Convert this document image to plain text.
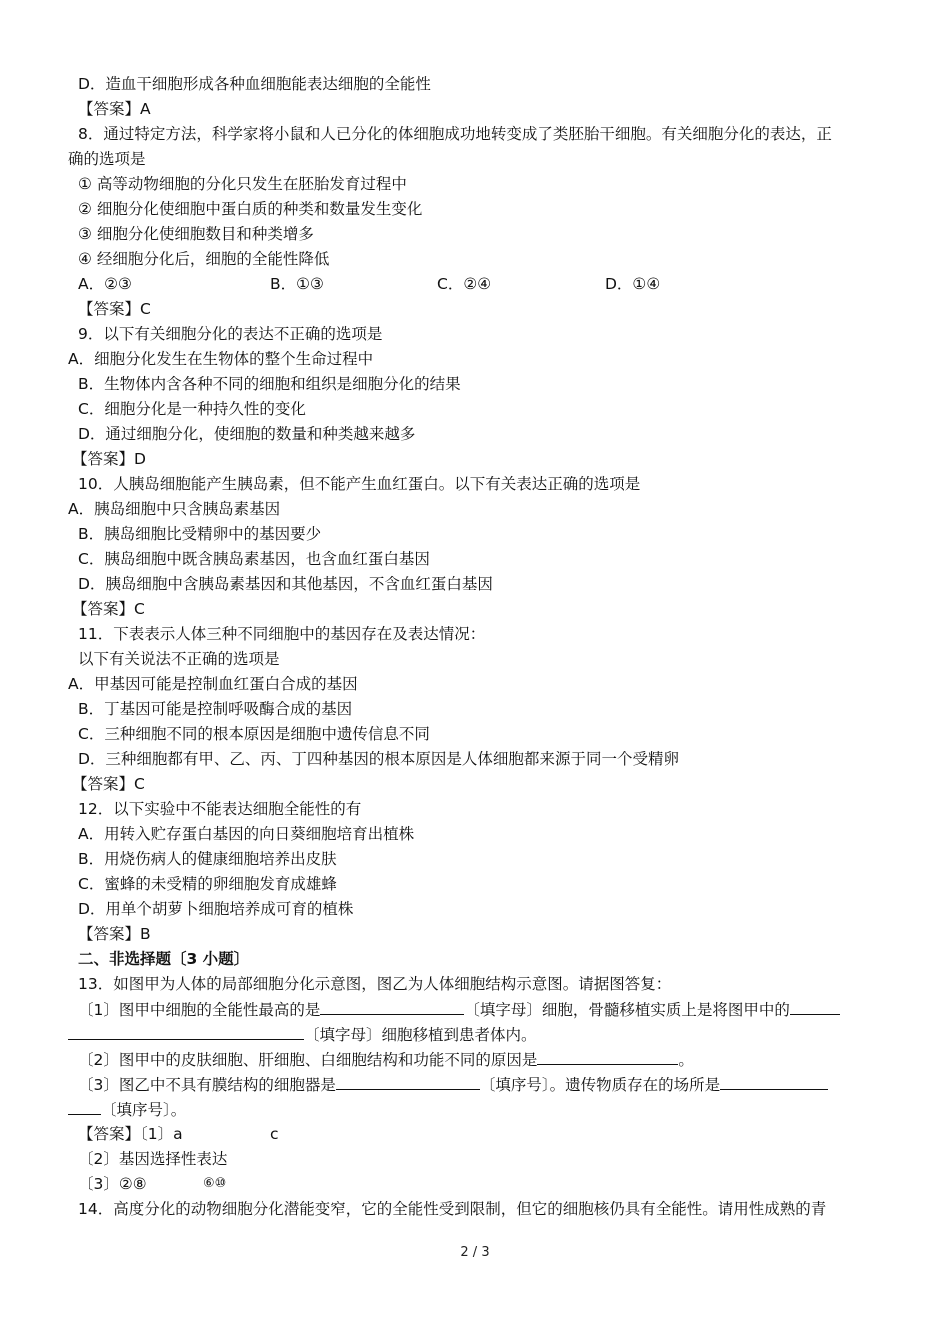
D．造血干细胞形成各种血细胞能表达细胞的全能性
【答案】A
8．通过特定方法，科学家将小鼠和人已分化的体细胞成功地转变成了类胚胎干细胞。有关细胞分化的表达，正
确的选项是
① 高等动物细胞的分化只发生在胚胎发育过程中
② 细胞分化使细胞中蛋白质的种类和数量发生变化
③ 细胞分化使细胞数目和种类增多
④ 经细胞分化后，细胞的全能性降低
A．②③	B．①③	C．②④	D．①④
【答案】C
9．以下有关细胞分化的表达不正确的选项是
A．细胞分化发生在生物体的整个生命过程中
B．生物体内含各种不同的细胞和组织是细胞分化的结果
C．细胞分化是一种持久性的变化
D．通过细胞分化，使细胞的数量和种类越来越多
【答案】D
10．人胰岛细胞能产生胰岛素，但不能产生血红蛋白。以下有关表达正确的选项是
A．胰岛细胞中只含胰岛素基因
B．胰岛细胞比受精卵中的基因要少
C．胰岛细胞中既含胰岛素基因，也含血红蛋白基因
D．胰岛细胞中含胰岛素基因和其他基因，不含血红蛋白基因
【答案】C
11．下表表示人体三种不同细胞中的基因存在及表达情况：
以下有关说法不正确的选项是
A．甲基因可能是控制血红蛋白合成的基因
B．丁基因可能是控制呼吸酶合成的基因
C．三种细胞不同的根本原因是细胞中遗传信息不同
D．三种细胞都有甲、乙、丙、丁四种基因的根本原因是人体细胞都来源于同一个受精卵
【答案】C
12．以下实验中不能表达细胞全能性的有
A．用转入贮存蛋白基因的向日葵细胞培育出植株
B．用烧伤病人的健康细胞培养出皮肤
C．蜜蜂的未受精的卵细胞发育成雄蜂
D．用单个胡萝卜细胞培养成可育的植株
【答案】B
二、非选择题〔3 小题〕
13．如图甲为人体的局部细胞分化示意图，图乙为人体细胞结构示意图。请据图答复：
〔1〕图甲中细胞的全能性最高的是	〔填字母〕细胞，骨髓移植实质上是将图甲中的
〔填字母〕细胞移植到患者体内。
〔2〕图甲中的皮肤细胞、肝细胞、白细胞结构和功能不同的原因是	。
〔3〕图乙中不具有膜结构的细胞器是	〔填序号〕。遗传物质存在的场所是
〔填序号〕。
【答案】〔1〕a	c
〔2〕基因选择性表达
〔3〕②⑧	⑥⑩
14．高度分化的动物细胞分化潜能变窄，它的全能性受到限制，但它的细胞核仍具有全能性。请用性成熟的青
2 / 3
